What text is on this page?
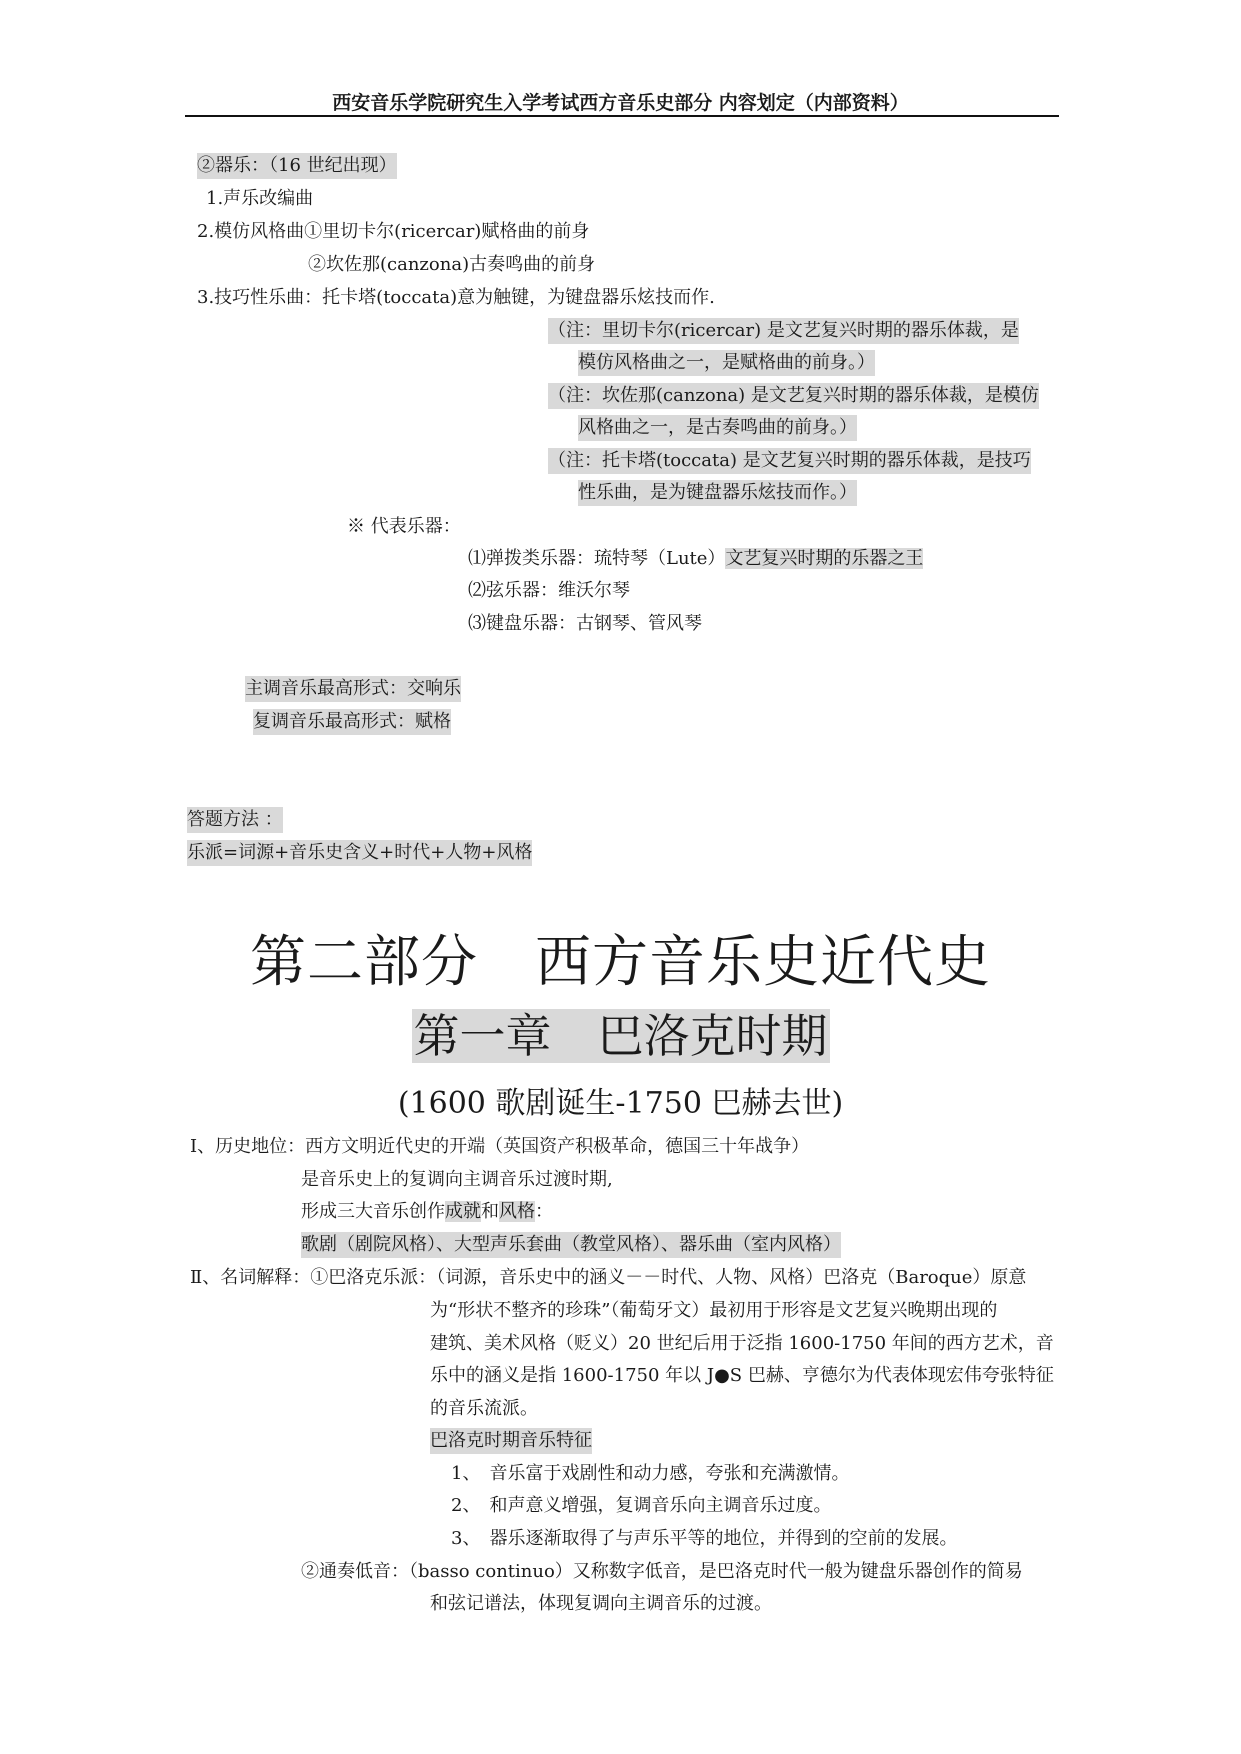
西安音乐学院研究生入学考试西方音乐史部分 内容划定（内部资料）
②器乐：（16 世纪出现）
1.声乐改编曲
2.模仿风格曲①里切卡尔(ricercar)赋格曲的前身
②坎佐那(canzona)古奏鸣曲的前身
3.技巧性乐曲：托卡塔(toccata)意为触键，为键盘器乐炫技而作.
（注：里切卡尔(ricercar) 是文艺复兴时期的器乐体裁，是
模仿风格曲之一，是赋格曲的前身。）
（注：坎佐那(canzona) 是文艺复兴时期的器乐体裁，是模仿
风格曲之一，是古奏鸣曲的前身。）
（注：托卡塔(toccata) 是文艺复兴时期的器乐体裁，是技巧
性乐曲，是为键盘器乐炫技而作。）
※ 代表乐器：
⑴弹拨类乐器：琉特琴（Lute）文艺复兴时期的乐器之王
⑵弦乐器：维沃尔琴
⑶键盘乐器：古钢琴、管风琴
主调音乐最高形式：交响乐
复调音乐最高形式：赋格
答题方法 ：
乐派=词源+音乐史含义+时代+人物+风格
第二部分　西方音乐史近代史
第一章　巴洛克时期
(1600 歌剧诞生-1750 巴赫去世)
Ⅰ、历史地位：西方文明近代史的开端（英国资产积极革命，德国三十年战争）
是音乐史上的复调向主调音乐过渡时期,
形成三大音乐创作成就和风格：
歌剧（剧院风格）、大型声乐套曲（教堂风格）、器乐曲（室内风格）
Ⅱ、名词解释：①巴洛克乐派：（词源，音乐史中的涵义－－时代、人物、风格）巴洛克（Baroque）原意
为“形状不整齐的珍珠”（葡萄牙文）最初用于形容是文艺复兴晚期出现的
建筑、美术风格（贬义）20 世纪后用于泛指 1600-1750 年间的西方艺术，音
乐中的涵义是指 1600-1750 年以 J●S 巴赫、亨德尔为代表体现宏伟夸张特征
的音乐流派。
巴洛克时期音乐特征
1、　音乐富于戏剧性和动力感，夸张和充满激情。
2、　和声意义增强，复调音乐向主调音乐过度。
3、　器乐逐渐取得了与声乐平等的地位，并得到的空前的发展。
②通奏低音：（basso continuo）又称数字低音，是巴洛克时代一般为键盘乐器创作的简易
和弦记谱法，体现复调向主调音乐的过渡。
